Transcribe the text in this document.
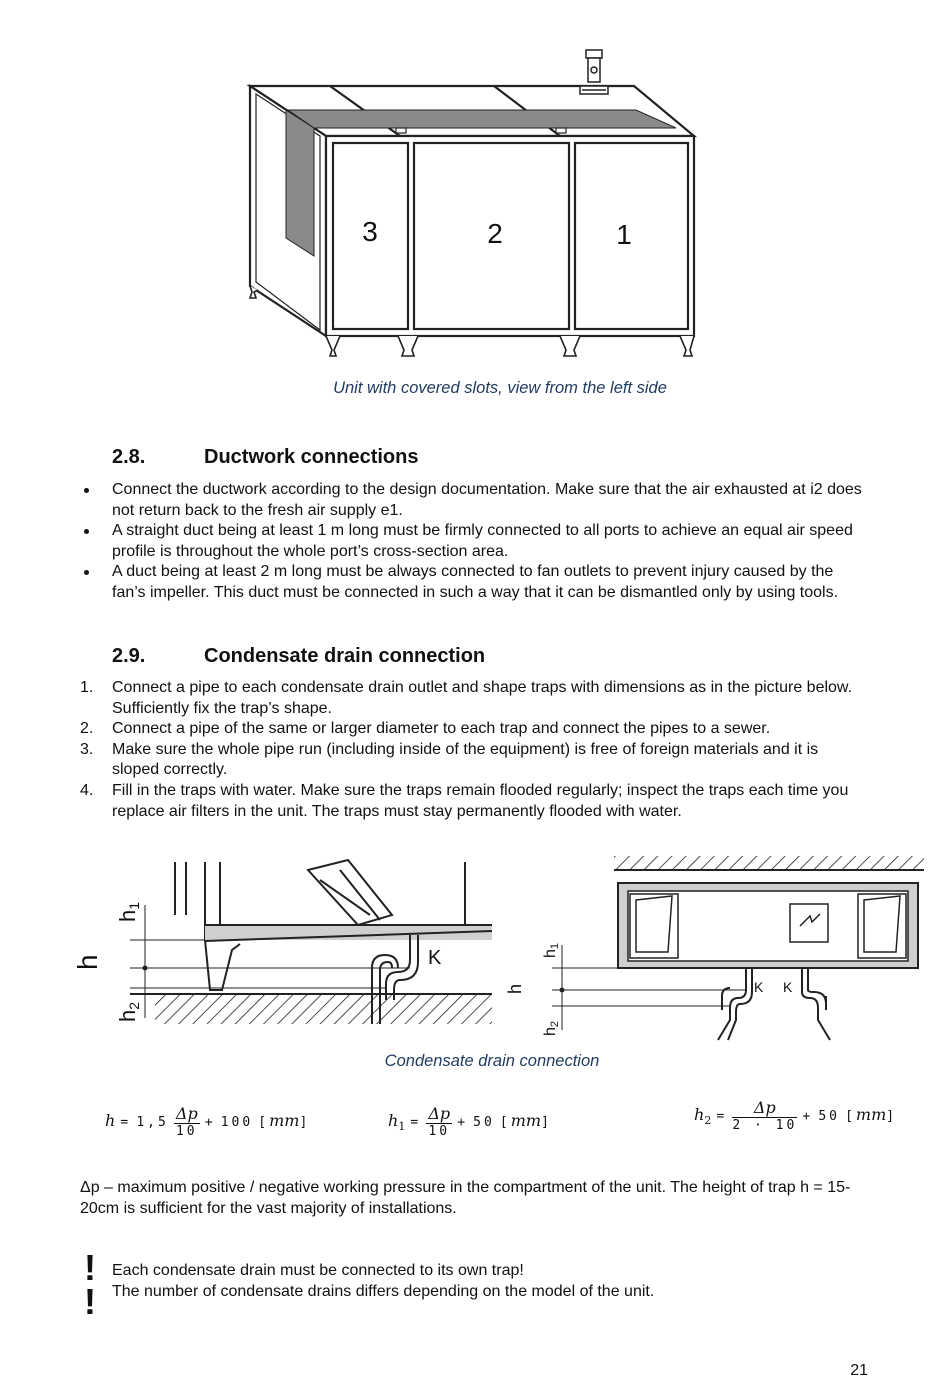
3	2	1
Unit with covered slots, view from the left side
2.8.	Ductwork connections
Connect the ductwork according to the design documentation. Make sure that the air exhausted at i2 does not return back to the fresh air supply e1.
A straight duct being at least 1 m long must be firmly connected to all ports to achieve an equal air speed profile is throughout the whole port’s cross-section area.
A duct being at least 2 m long must be always connected to fan outlets to prevent injury caused by the fan’s impeller. This duct must be connected in such a way that it can be dismantled only by using tools.
2.9.	Condensate drain connection
1. Connect a pipe to each condensate drain outlet and shape traps with dimensions as in the picture below. Sufficiently fix the trap’s shape.
2. Connect a pipe of the same or larger diameter to each trap and connect the pipes to a sewer.
3. Make sure the whole pipe run (including inside of the equipment) is free of foreign materials and it is sloped correctly.
4. Fill in the traps with water. Make sure the traps remain flooded regularly; inspect the traps each time you replace air filters in the unit. The traps must stay permanently flooded with water.
h1
h
h2
K	h1
h
h2
K K
Condensate drain connection
$h = 1,5 \frac{\Delta p}{10} + 100$ [mm]	$h_1 = \frac{\Delta p}{10} + 50$ [mm]	$h_2 = \frac{\Delta p}{2 \cdot 10} + 50$ [mm]
Δp – maximum positive / negative working pressure in the compartment of the unit. The height of trap h = 15-20cm is sufficient for the vast majority of installations.
!
!
Each condensate drain must be connected to its own trap!
The number of condensate drains differs depending on the model of the unit.
21
